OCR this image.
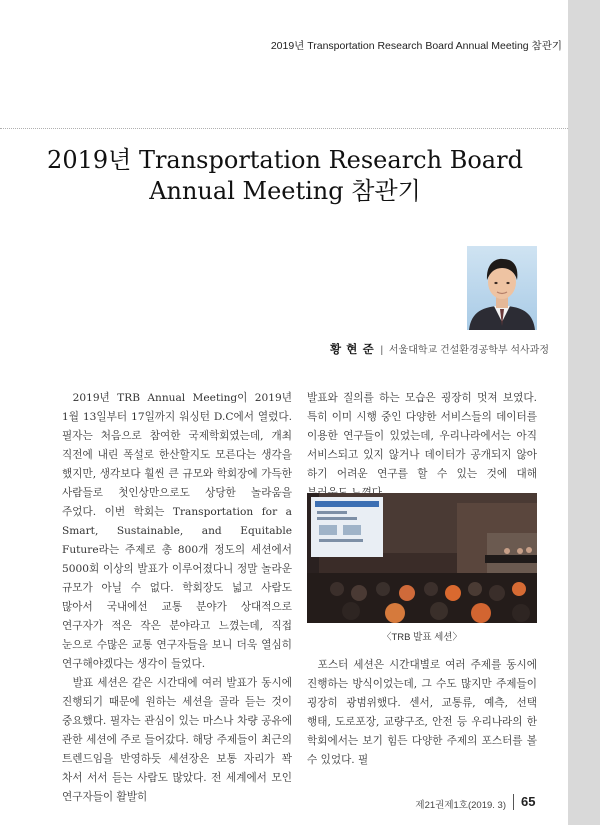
2019년 Transportation Research Board Annual Meeting 참관기
2019년 Transportation Research Board
Annual Meeting 참관기
황 현 준 | 서울대학교 건설환경공학부 석사과정

2019년 TRB Annual Meeting이 2019년 1월 13일부터 17일까지 워싱턴 D.C에서 열렸다. 필자는 처음으로 참여한 국제학회였는데, 개최 직전에 내린 폭설로 한산할지도 모른다는 생각을 했지만, 생각보다 훨씬 큰 규모와 학회장에 가득한 사람들로 첫인상만으로도 상당한 놀라움을 주었다. 이번 학회는 Transportation for a Smart, Sustainable, and Equitable Future라는 주제로 총 800개 정도의 세션에서 5000회 이상의 발표가 이루어졌다니 정말 놀라운 규모가 아닐 수 없다. 학회장도 넓고 사람도 많아서 국내에선 교통 분야가 상대적으로 연구자가 적은 작은 분야라고 느꼈는데, 직접 눈으로 수많은 교통 연구자들을 보니 더욱 열심히 연구해야겠다는 생각이 들었다.

발표 세션은 같은 시간대에 여러 발표가 동시에 진행되기 때문에 원하는 세션을 골라 듣는 것이 중요했다. 필자는 관심이 있는 마스나 차량 공유에 관한 세션에 주로 들어갔다. 해당 주제들이 최근의 트렌드임을 반영하듯 세션장은 보통 자리가 꽉 차서 서서 듣는 사람도 많았다. 전 세계에서 모인 연구자들이 활발히

발표와 질의를 하는 모습은 굉장히 멋져 보였다. 특히 이미 시행 중인 다양한 서비스들의 데이터를 이용한 연구들이 있었는데, 우리나라에서는 아직 서비스되고 있지 않거나 데이터가 공개되지 않아 하기 어려운 연구를 할 수 있는 것에 대해

〈TRB 발표 세션〉

포스터 세션은 시간대별로 여러 주제를 동시에 진행하는 방식이었는데, 그 수도 많지만 주제들이 굉장히 광범위했다. 센서, 교통류, 예측, 선택 행태, 도로포장, 교량구조, 안전 등 우리나라의 한 학회에서는 보기 힘든 다양한 주제의 포스터를 볼 수 있었다. 필

제21권제1호(2019. 3) 65
